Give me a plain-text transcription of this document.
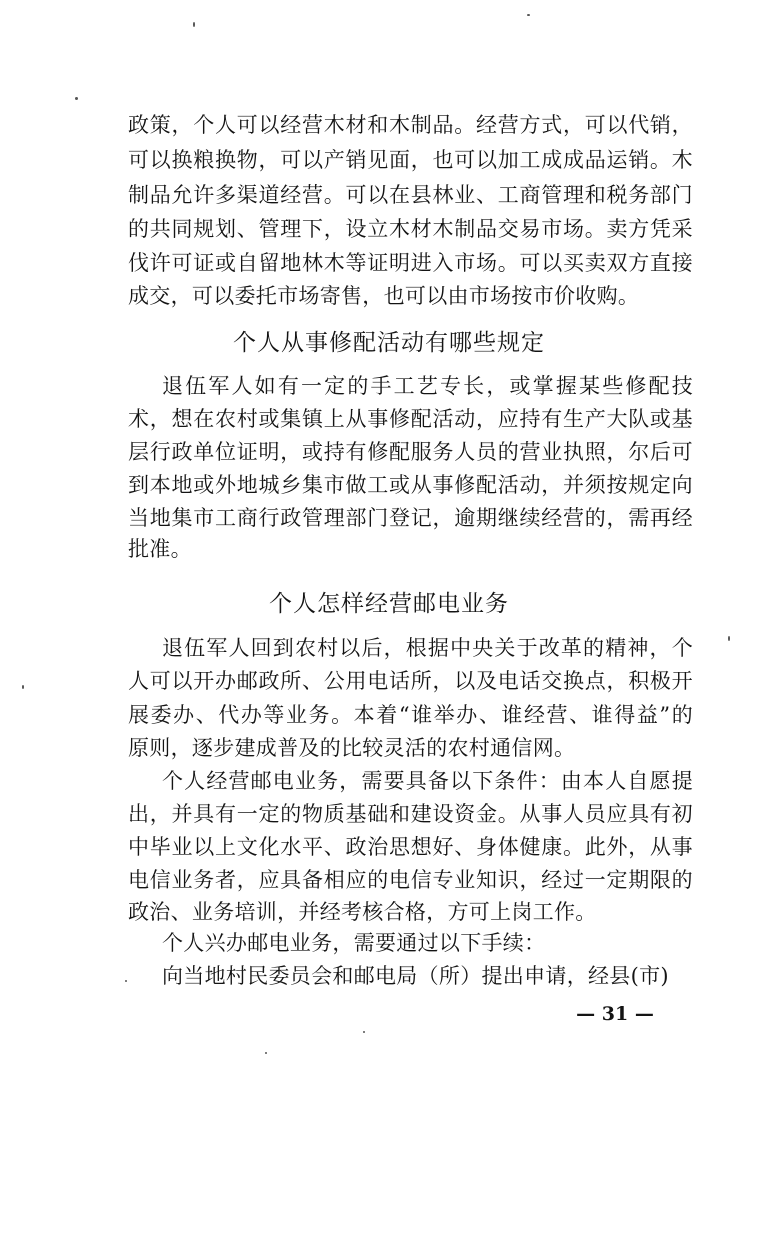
政策，个人可以经营木材和木制品。经营方式，可以代销，
可以换粮换物，可以产销见面，也可以加工成成品运销。木
制品允许多渠道经营。可以在县林业、工商管理和税务部门
的共同规划、管理下，设立木材木制品交易市场。卖方凭采
伐许可证或自留地林木等证明进入市场。可以买卖双方直接
成交，可以委托市场寄售，也可以由市场按市价收购。
个人从事修配活动有哪些规定
退伍军人如有一定的手工艺专长，或掌握某些修配技
术，想在农村或集镇上从事修配活动，应持有生产大队或基
层行政单位证明，或持有修配服务人员的营业执照，尔后可
到本地或外地城乡集市做工或从事修配活动，并须按规定向
当地集市工商行政管理部门登记，逾期继续经营的，需再经
批准。
个人怎样经营邮电业务
退伍军人回到农村以后，根据中央关于改革的精神，个
人可以开办邮政所、公用电话所，以及电话交换点，积极开
展委办、代办等业务。本着“谁举办、谁经营、谁得益”的
原则，逐步建成普及的比较灵活的农村通信网。
个人经营邮电业务，需要具备以下条件：由本人自愿提
出，并具有一定的物质基础和建设资金。从事人员应具有初
中毕业以上文化水平、政治思想好、身体健康。此外，从事
电信业务者，应具备相应的电信专业知识，经过一定期限的
政治、业务培训，并经考核合格，方可上岗工作。
个人兴办邮电业务，需要通过以下手续：
向当地村民委员会和邮电局（所）提出申请，经县(市)
— 31 —
